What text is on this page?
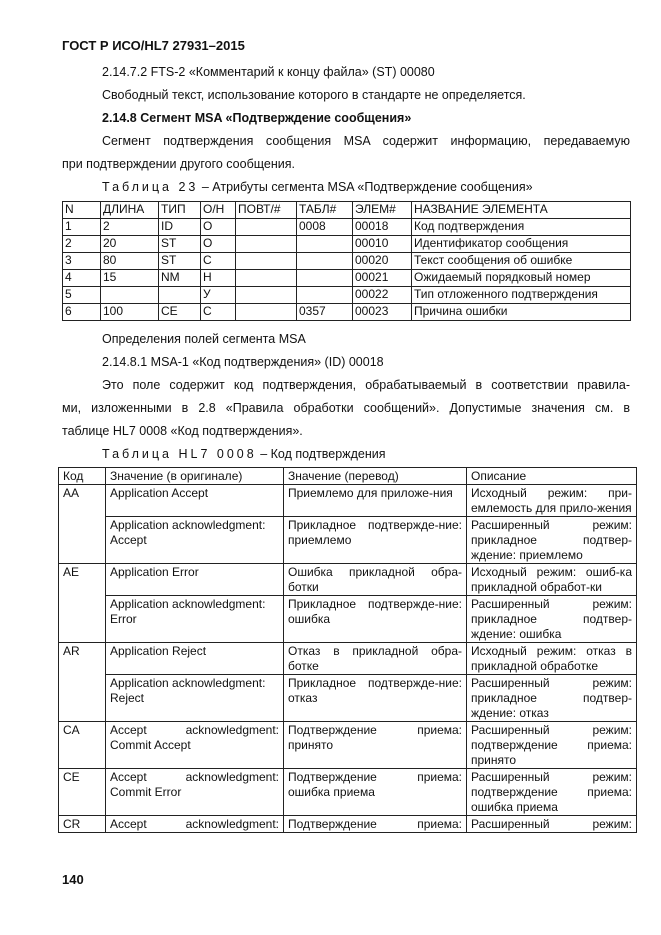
ГОСТ Р ИСО/HL7 27931–2015
2.14.7.2 FTS-2 «Комментарий к концу файла» (ST) 00080
Свободный текст, использование которого в стандарте не определяется.
2.14.8 Сегмент MSA «Подтверждение сообщения»
Сегмент подтверждения сообщения MSA содержит информацию, передаваемую
при подтверждении другого сообщения.
Таблица 23 – Атрибуты сегмента MSA «Подтверждение сообщения»
N	ДЛИНА	ТИП	О/Н	ПОВТ/#	ТАБЛ#	ЭЛЕМ#	НАЗВАНИЕ ЭЛЕМЕНТА
1	2	ID	О		0008	00018	Код подтверждения
2	20	ST	О			00010	Идентификатор сообщения
3	80	ST	С			00020	Текст сообщения об ошибке
4	15	NM	Н			00021	Ожидаемый порядковый номер
5			У			00022	Тип отложенного подтверждения
6	100	CE	С		0357	00023	Причина ошибки
Определения полей сегмента MSA
2.14.8.1 MSA-1 «Код подтверждения» (ID) 00018
Это поле содержит код подтверждения, обрабатываемый в соответствии правила-
ми, изложенными в 2.8 «Правила обработки сообщений». Допустимые значения см. в
таблице HL7 0008 «Код подтверждения».
Таблица HL7 0008 – Код подтверждения
Код	Значение (в оригинале)	Значение (перевод)	Описание
AA	Application Accept	Приемлемо для приложе-ния	Исходный режим: при-емлемость для прило-жения
	Application acknowledgment: Accept	Прикладное подтвержде-ние: приемлемо	Расширенный режим: прикладное подтвер-ждение: приемлемо
AE	Application Error	Ошибка прикладной обра-ботки	Исходный режим: ошиб-ка прикладной обработ-ки
	Application acknowledgment: Error	Прикладное подтвержде-ние: ошибка	Расширенный режим: прикладное подтвер-ждение: ошибка
AR	Application Reject	Отказ в прикладной обра-ботке	Исходный режим: отказ в прикладной обработке
	Application acknowledgment: Reject	Прикладное подтвержде-ние: отказ	Расширенный режим: прикладное подтвер-ждение: отказ
CA	Accept acknowledgment: Commit Accept	Подтверждение приема: принято	Расширенный режим: подтверждение приема: принято
CE	Accept acknowledgment: Commit Error	Подтверждение приема: ошибка приема	Расширенный режим: подтверждение приема: ошибка приема
CR	Accept acknowledgment:	Подтверждение приема:	Расширенный режим:
140
